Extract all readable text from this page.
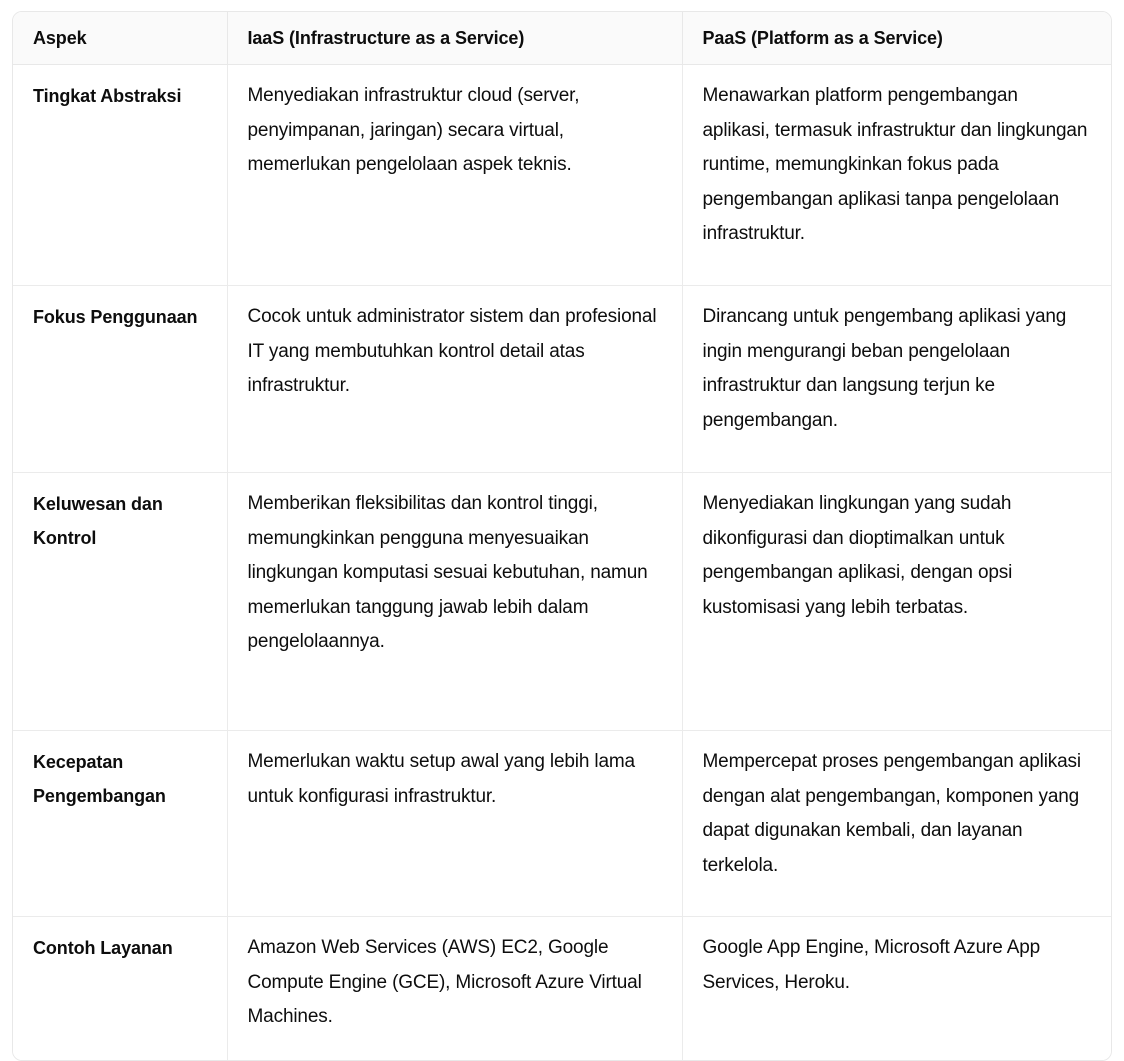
Aspek	IaaS (Infrastructure as a Service)	PaaS (Platform as a Service)
Tingkat Abstraksi	Menyediakan infrastruktur cloud (server, penyimpanan, jaringan) secara virtual, memerlukan pengelolaan aspek teknis.	Menawarkan platform pengembangan aplikasi, termasuk infrastruktur dan lingkungan runtime, memungkinkan fokus pada pengembangan aplikasi tanpa pengelolaan infrastruktur.
Fokus Penggunaan	Cocok untuk administrator sistem dan profesional IT yang membutuhkan kontrol detail atas infrastruktur.	Dirancang untuk pengembang aplikasi yang ingin mengurangi beban pengelolaan infrastruktur dan langsung terjun ke pengembangan.
Keluwesan dan Kontrol	Memberikan fleksibilitas dan kontrol tinggi, memungkinkan pengguna menyesuaikan lingkungan komputasi sesuai kebutuhan, namun memerlukan tanggung jawab lebih dalam pengelolaannya.	Menyediakan lingkungan yang sudah dikonfigurasi dan dioptimalkan untuk pengembangan aplikasi, dengan opsi kustomisasi yang lebih terbatas.
Kecepatan Pengembangan	Memerlukan waktu setup awal yang lebih lama untuk konfigurasi infrastruktur.	Mempercepat proses pengembangan aplikasi dengan alat pengembangan, komponen yang dapat digunakan kembali, dan layanan terkelola.
Contoh Layanan	Amazon Web Services (AWS) EC2, Google Compute Engine (GCE), Microsoft Azure Virtual Machines.	Google App Engine, Microsoft Azure App Services, Heroku.
